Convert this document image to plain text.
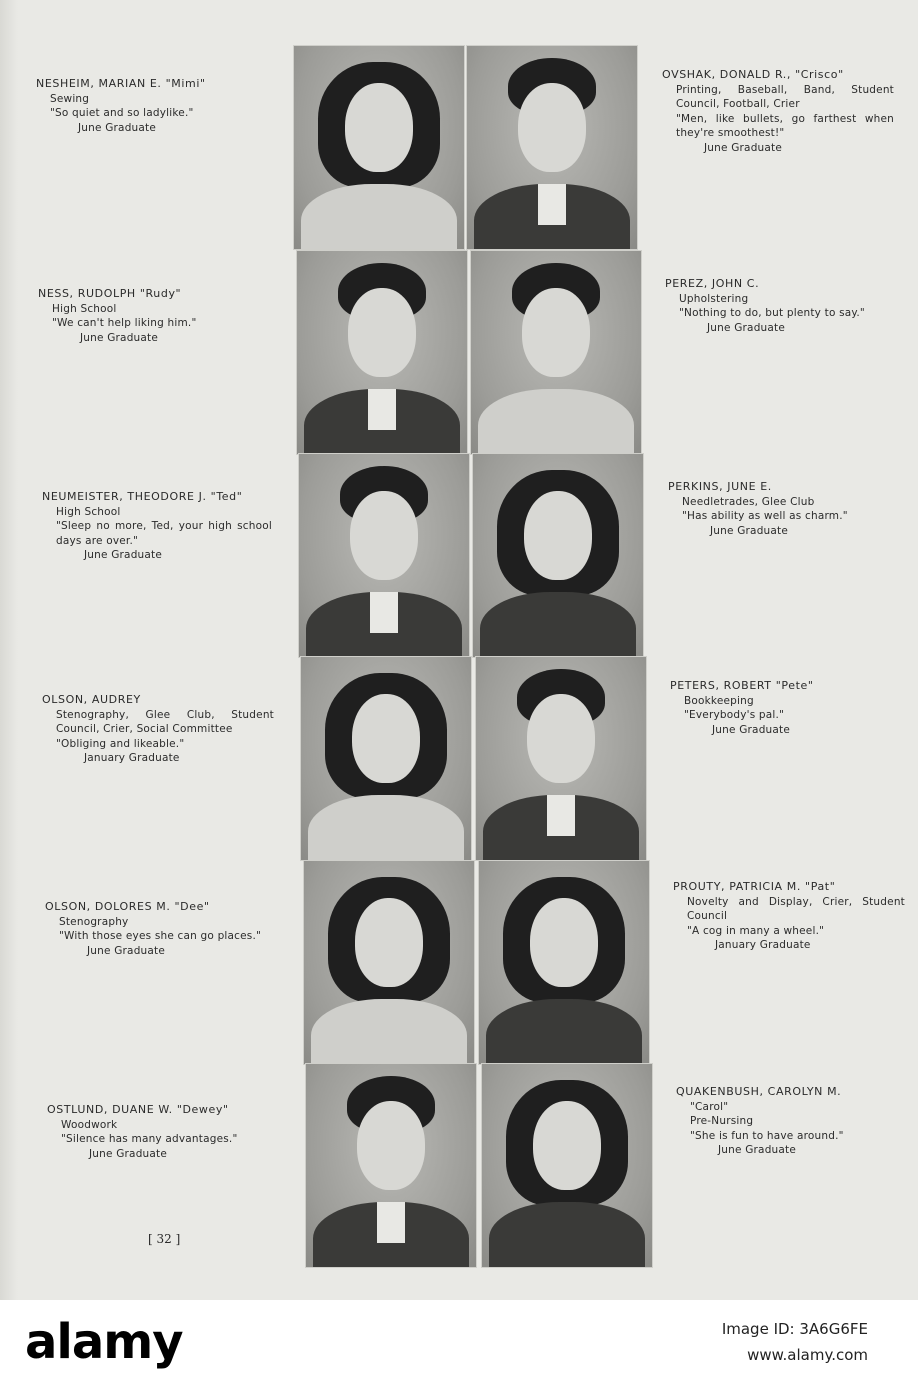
NESHEIM, MARIAN E. "Mimi"
Sewing
"So quiet and so ladylike."
June Graduate
NESS, RUDOLPH "Rudy"
High School
"We can't help liking him."
June Graduate
NEUMEISTER, THEODORE J. "Ted"
High School
"Sleep no more, Ted, your high school days are over."
June Graduate
OLSON, AUDREY
Stenography, Glee Club, Student Council, Crier, Social Committee
"Obliging and likeable."
January Graduate
OLSON, DOLORES M. "Dee"
Stenography
"With those eyes she can go places."
June Graduate
OSTLUND, DUANE W. "Dewey"
Woodwork
"Silence has many advantages."
June Graduate
OVSHAK, DONALD R., "Crisco"
Printing, Baseball, Band, Student Council, Football, Crier
"Men, like bullets, go farthest when they're smoothest!"
June Graduate
PEREZ, JOHN C.
Upholstering
"Nothing to do, but plenty to say."
June Graduate
PERKINS, JUNE E.
Needletrades, Glee Club
"Has ability as well as charm."
June Graduate
PETERS, ROBERT "Pete"
Bookkeeping
"Everybody's pal."
June Graduate
PROUTY, PATRICIA M. "Pat"
Novelty and Display, Crier, Student Council
"A cog in many a wheel."
January Graduate
QUAKENBUSH, CAROLYN M.
"Carol"
Pre-Nursing
"She is fun to have around."
June Graduate
[ 32 ]
alamy	Image ID: 3A6G6FE
www.alamy.com
